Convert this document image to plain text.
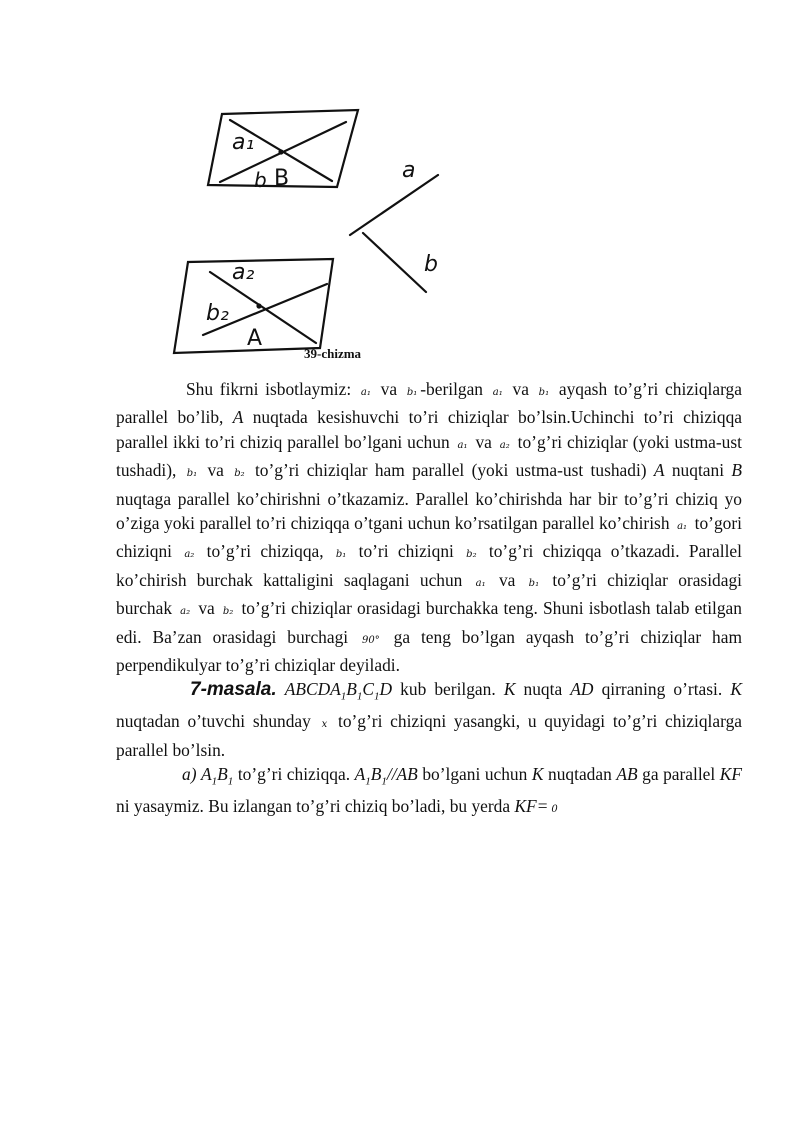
a₁
b B	a
b
a₂
b₂
A
39-chizma

Shu fikrni isbotlaymiz: a₁ va b₁ -berilgan a₁ va b₁ ayqash to’g’ri chiziqlarga parallel bo’lib, A nuqtada kesishuvchi to’ri chiziqlar bo’lsin.Uchinchi to’ri chiziqqa parallel ikki to’ri chiziq parallel bo’lgani uchun a₁ va a₂ to’g’ri chiziqlar (yoki ustma-ust tushadi), b₁ va b₂ to’g’ri chiziqlar ham parallel (yoki ustma-ust tushadi) A nuqtani B nuqtaga parallel ko’chirishni o’tkazamiz. Parallel ko’chirishda har bir to’g’ri chiziq yo o’ziga yoki parallel to’ri chiziqqa o’tgani uchun ko’rsatilgan parallel ko’chirish a₁ to’gori chiziqni a₂ to’g’ri chiziqqa, b₁ to’ri chiziqni b₂ to’g’ri chiziqqa o’tkazadi. Parallel ko’chirish burchak kattaligini saqlagani uchun a₁ va b₁ to’g’ri chiziqlar orasidagi burchak a₂ va b₂ to’g’ri chiziqlar orasidagi burchakka teng. Shuni isbotlash talab etilgan edi. Ba’zan orasidagi burchagi 90° ga teng bo’lgan ayqash to’g’ri chiziqlar ham perpendikulyar to’g’ri chiziqlar deyiladi.

7-masala. $ABCDA_1B_1C_1D$ kub berilgan. K nuqta AD qirraning o’rtasi. K nuqtadan o’tuvchi shunday x to’g’ri chiziqni yasangki, u quyidagi to’g’ri chiziqlarga parallel bo’lsin.

a) $A_1B_1$ to’g’ri chiziqqa. $A_1B_1//AB$ bo’lgani uchun K nuqtadan AB ga parallel KF ni yasaymiz. Bu izlangan to’g’ri chiziq bo’ladi, bu yerda KF= 0
